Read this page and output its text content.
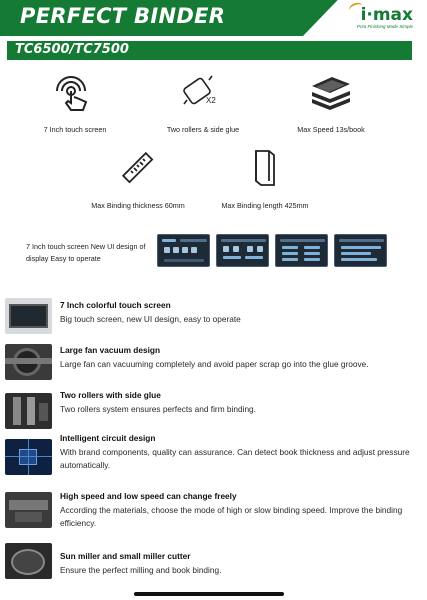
PERFECT BINDER	i·max
Print Finishing Made Simple
TC6500/TC7500
7 Inch touch screen
X2
Two rollers & side glue	Max Speed 13s/book
Max Binding thickness 60mm	Max Binding length 425mm
7 Inch touch screen New UI design of display Easy to operate
7 Inch colorful touch screen
Big touch screen, new UI design, easy to operate
Large fan vacuum design
Large fan can vacuuming completely and avoid paper scrap go into the glue groove.
Two rollers with side glue
Two rollers system ensures perfects and firm binding.
Intelligent circuit design
With brand components, quality can assurance. Can detect book thickness and adjust pressure automatically.
High speed and low speed can change freely
According the materials, choose the mode of high or slow binding speed. Improve the binding efficiency.
Sun miller and small miller cutter
Ensure the perfect milling and book binding.
